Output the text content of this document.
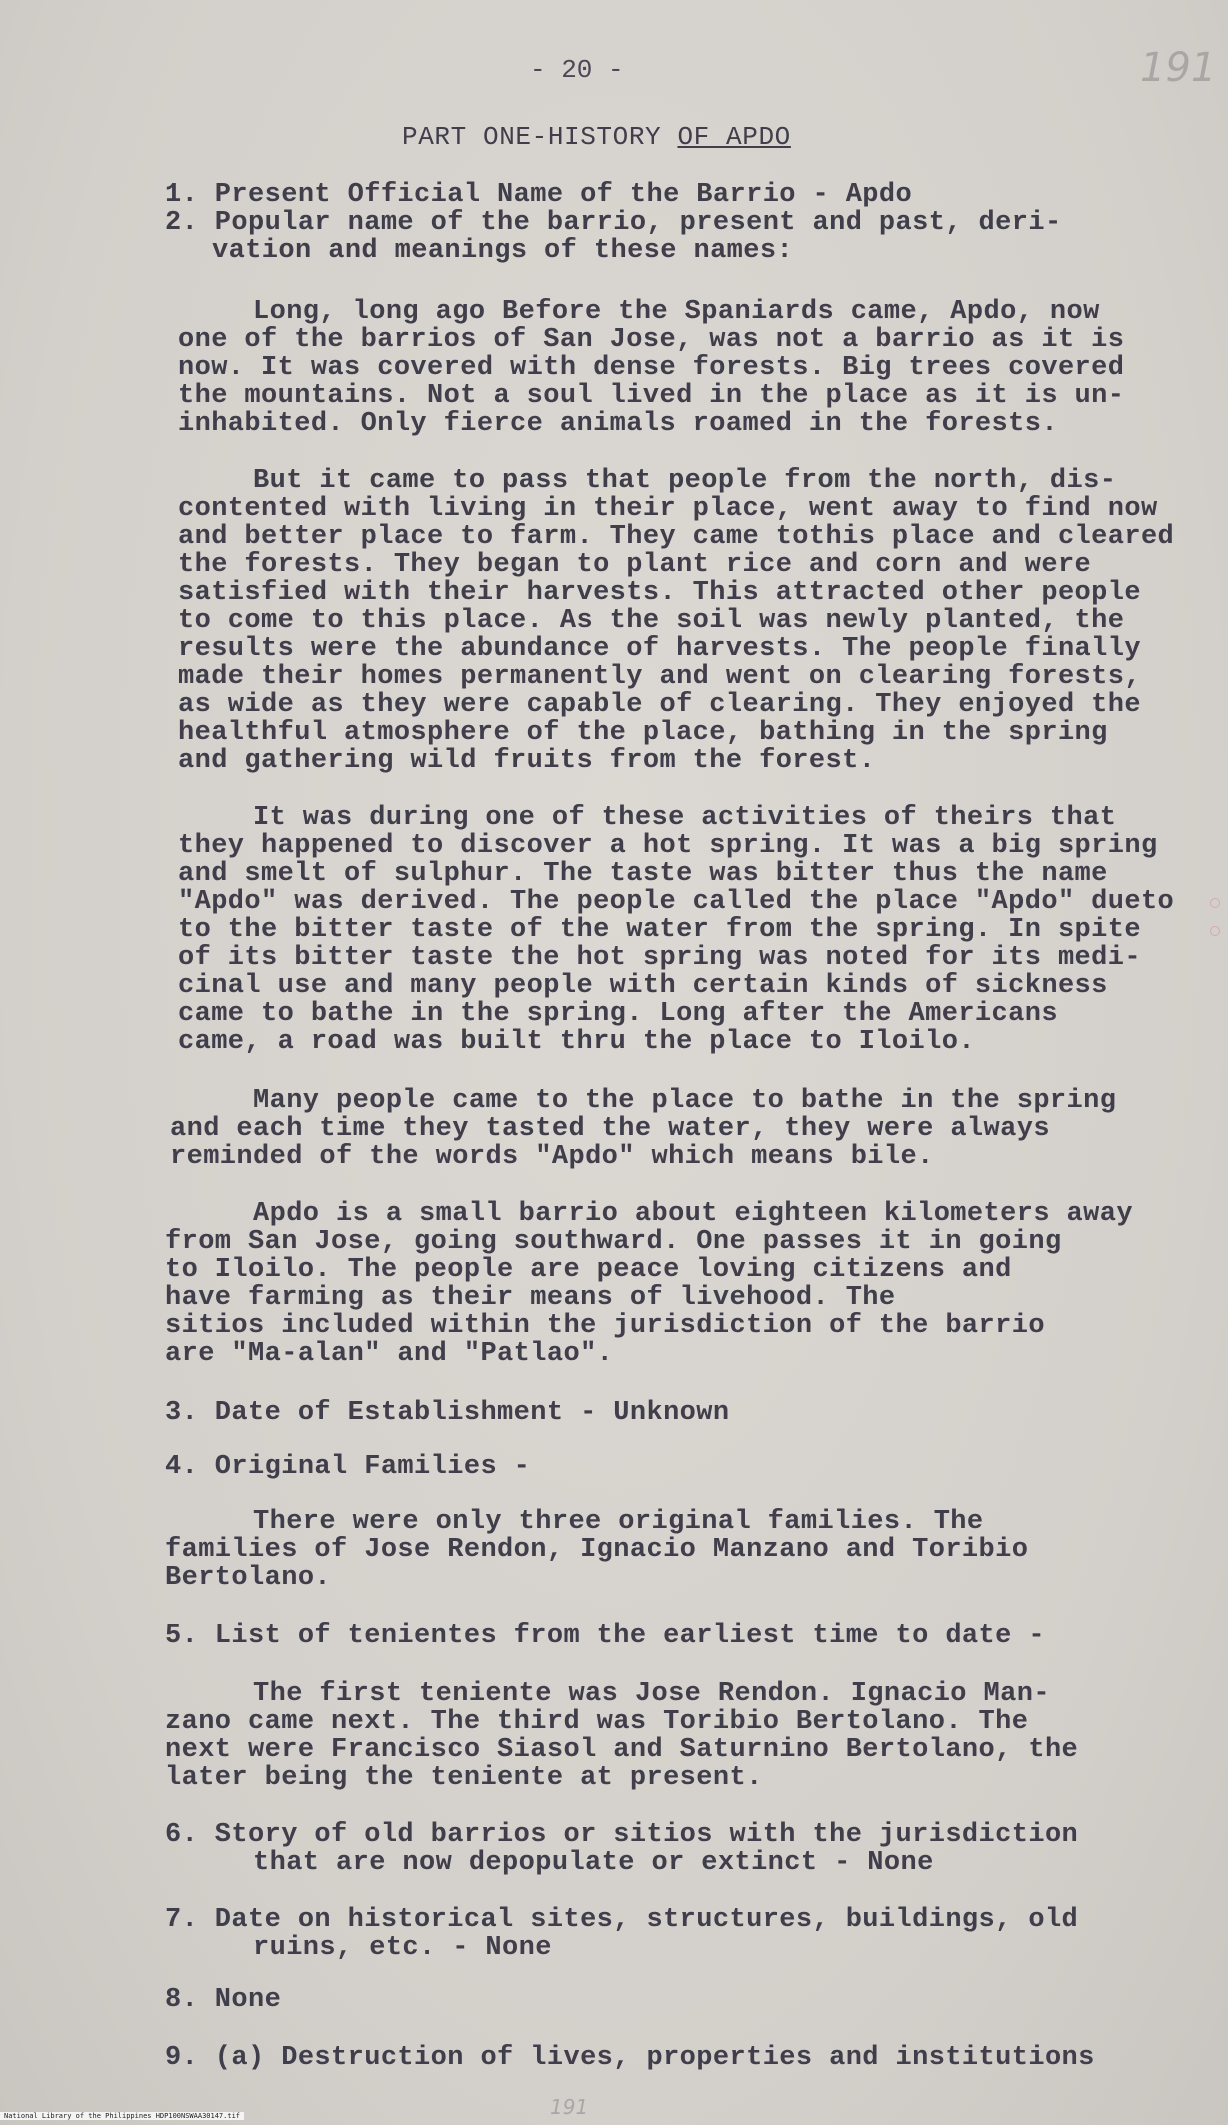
- 20 -	191
PART ONE-HISTORY OF APDO

1. Present Official Name of the Barrio - Apdo

2. Popular name of the barrio, present and past, deri-

vation and meanings of these names:

Long, long ago Before the Spaniards came, Apdo, now

one of the barrios of San Jose, was not a barrio as it is

now. It was covered with dense forests. Big trees covered

the mountains. Not a soul lived in the place as it is un-

inhabited. Only fierce animals roamed in the forests.

But it came to pass that people from the north, dis-

contented with living in their place, went away to find now

and better place to farm. They came tothis place and cleared

the forests. They began to plant rice and corn and were

satisfied with their harvests. This attracted other people

to come to this place. As the soil was newly planted, the

results were the abundance of harvests. The people finally

made their homes permanently and went on clearing forests,

as wide as they were capable of clearing. They enjoyed the

healthful atmosphere of the place, bathing in the spring

and gathering wild fruits from the forest.

It was during one of these activities of theirs that

they happened to discover a hot spring. It was a big spring

and smelt of sulphur. The taste was bitter thus the name

"Apdo" was derived. The people called the place "Apdo" dueto

to the bitter taste of the water from the spring. In spite

of its bitter taste the hot spring was noted for its medi-

cinal use and many people with certain kinds of sickness

came to bathe in the spring. Long after the Americans

came, a road was built thru the place to Iloilo.

Many people came to the place to bathe in the spring

and each time they tasted the water, they were always

reminded of the words "Apdo" which means bile.

Apdo is a small barrio about eighteen kilometers away

from San Jose, going southward. One passes it in going

to Iloilo. The people are peace loving citizens and

have farming as their means of livehood. The

sitios included within the jurisdiction of the barrio

are "Ma-alan" and "Patlao".

3. Date of Establishment - Unknown

4. Original Families -

There were only three original families. The

families of Jose Rendon, Ignacio Manzano and Toribio

Bertolano.

5. List of tenientes from the earliest time to date -

The first teniente was Jose Rendon. Ignacio Man-

zano came next. The third was Toribio Bertolano. The

next were Francisco Siasol and Saturnino Bertolano, the

later being the teniente at present.

6. Story of old barrios or sitios with the jurisdiction

that are now depopulate or extinct - None

7. Date on historical sites, structures, buildings, old

ruins, etc. - None

8. None

9. (a) Destruction of lives, properties and institutions

191
National Library of the Philippines HDP100NSWAA30147.tif
